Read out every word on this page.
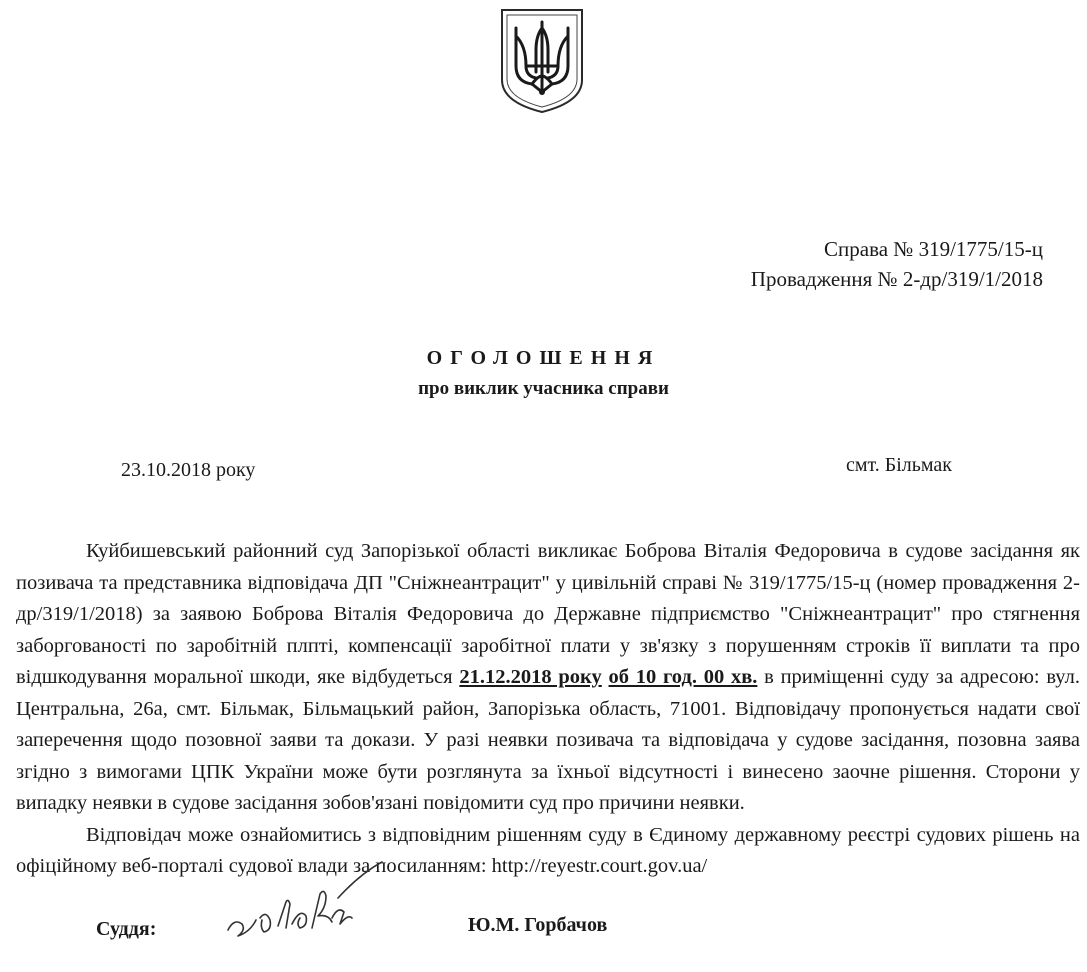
Справа № 319/1775/15-ц
Провадження № 2-др/319/1/2018
ОГОЛОШЕННЯ
про виклик учасника справи
23.10.2018 року	смт. Більмак

Куйбишевський районний суд Запорізької області викликає Боброва Віталія Федоровича в судове засідання як позивача та представника відповідача ДП "Сніжнеантрацит" у цивільній справі № 319/1775/15-ц (номер провадження 2-др/319/1/2018) за заявою Боброва Віталія Федоровича до Державне підприємство "Сніжнеантрацит" про стягнення заборгованості по заробітній плпті, компенсації заробітної плати у зв'язку з порушенням строків її виплати та про відшкодування моральної шкоди, яке відбудеться 21.12.2018 року об 10 год. 00 хв. в приміщенні суду за адресою: вул. Центральна, 26а, смт. Більмак, Більмацький район, Запорізька область, 71001. Відповідачу пропонується надати свої заперечення щодо позовної заяви та докази. У разі неявки позивача та відповідача у судове засідання, позовна заява згідно з вимогами ЦПК України може бути розглянута за їхньої відсутності і винесено заочне рішення. Сторони у випадку неявки в судове засідання зобов'язані повідомити суд про причини неявки.

Відповідач може ознайомитись з відповідним рішенням суду в Єдиному державному реєстрі судових рішень на офіційному веб-порталі судової влади за посиланням: http://reyestr.court.gov.ua/

Суддя:	Ю.М. Горбачов
